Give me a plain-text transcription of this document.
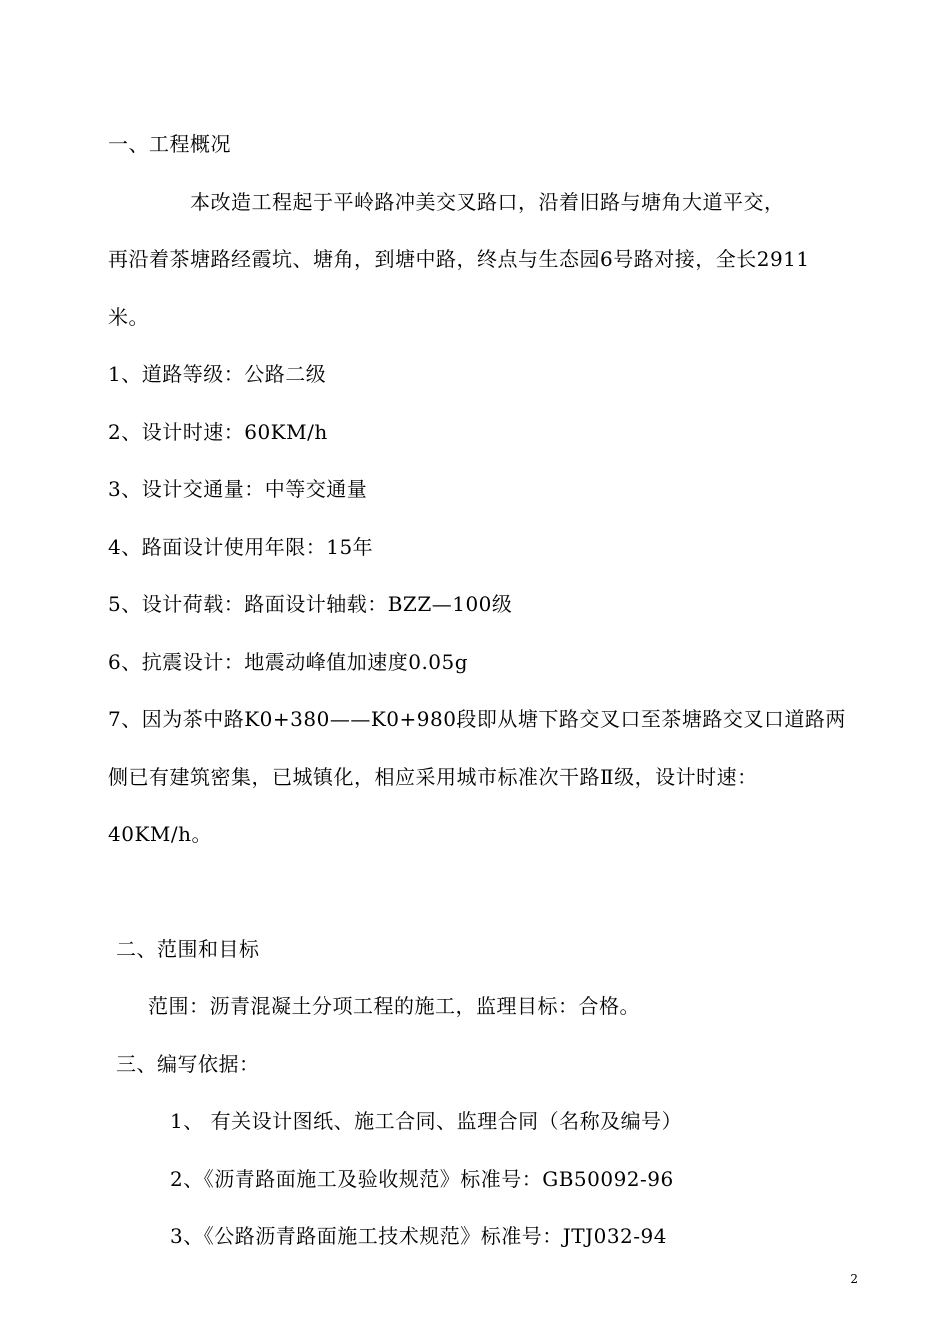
一、工程概况
本改造工程起于平岭路冲美交叉路口，沿着旧路与塘角大道平交，
再沿着茶塘路经霞坑、塘角，到塘中路，终点与生态园6号路对接，全长2911
米。
1、道路等级：公路二级
2、设计时速：60KM/h
3、设计交通量：中等交通量
4、路面设计使用年限：15年
5、设计荷载：路面设计轴载：BZZ—100级
6、抗震设计：地震动峰值加速度0.05g
7、因为茶中路K0+380——K0+980段即从塘下路交叉口至茶塘路交叉口道路两
侧已有建筑密集，已城镇化，相应采用城市标准次干路Ⅱ级，设计时速：
40KM/h。
二、范围和目标
范围：沥青混凝土分项工程的施工，监理目标：合格。
三、编写依据：
1、 有关设计图纸、施工合同、监理合同（名称及编号）
2、《沥青路面施工及验收规范》标准号：GB50092-96
3、《公路沥青路面施工技术规范》标准号：JTJ032-94
2
